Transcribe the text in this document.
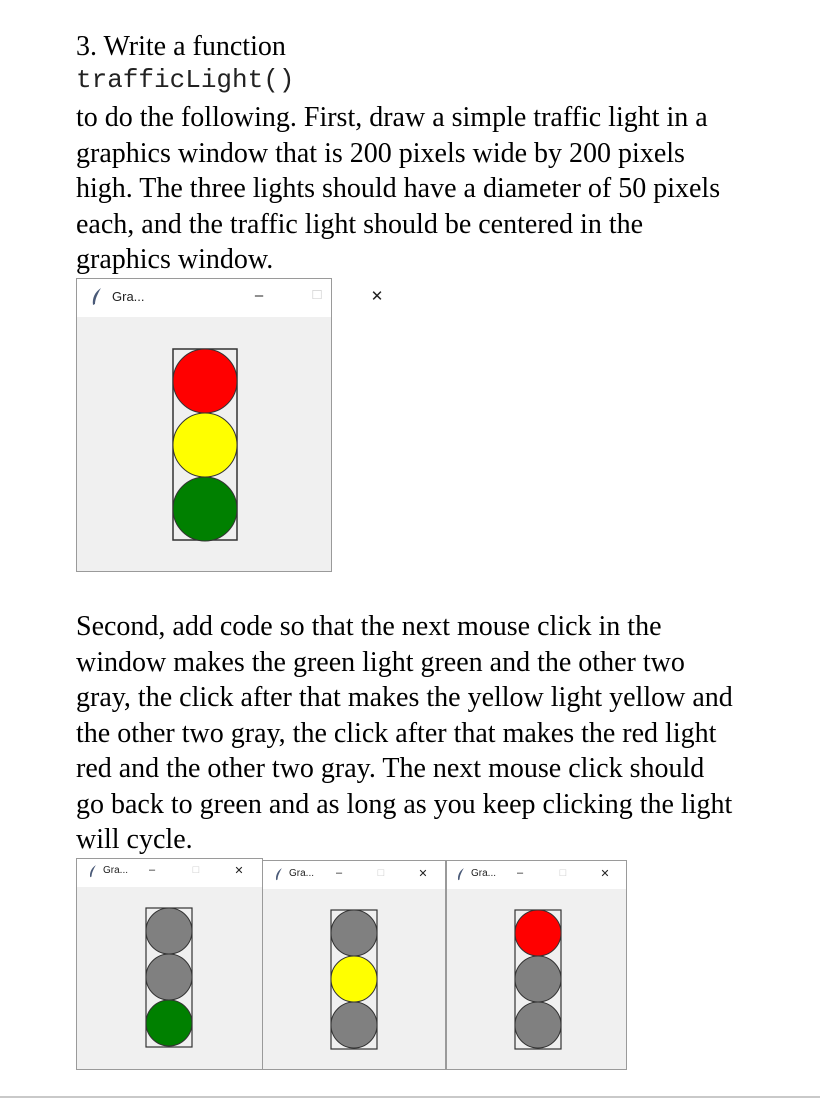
3. Write a function
trafficLight()
to do the following. First, draw a simple traffic light in a
graphics window that is 200 pixels wide by 200 pixels
high. The three lights should have a diameter of 50 pixels
each, and the traffic light should be centered in the
graphics window.
Gra...	–	□	✕
Second, add code so that the next mouse click in the
window makes the green light green and the other two
gray, the click after that makes the yellow light yellow and
the other two gray, the click after that makes the red light
red and the other two gray. The next mouse click should
go back to green and as long as you keep clicking the light
will cycle.
Gra...	–	□	✕	Gra...	–	□	✕	Gra...	–	□	✕
